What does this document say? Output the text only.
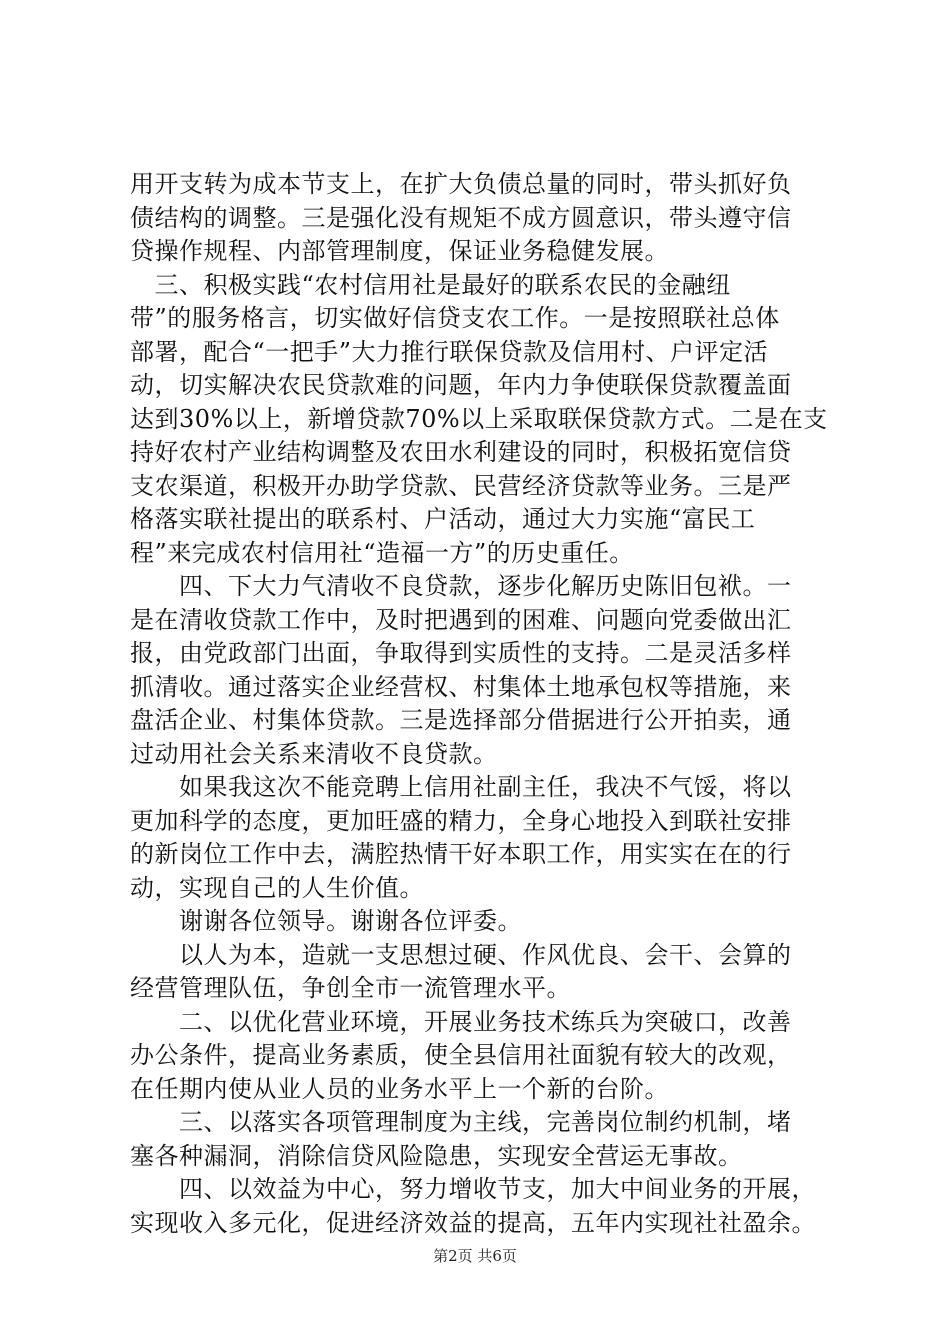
用开支转为成本节支上，在扩大负债总量的同时，带头抓好负
债结构的调整。三是强化没有规矩不成方圆意识，带头遵守信
贷操作规程、内部管理制度，保证业务稳健发展。
　三、积极实践“农村信用社是最好的联系农民的金融纽
带”的服务格言，切实做好信贷支农工作。一是按照联社总体
部署，配合“一把手”大力推行联保贷款及信用村、户评定活
动，切实解决农民贷款难的问题，年内力争使联保贷款覆盖面
达到30%以上，新增贷款70%以上采取联保贷款方式。二是在支
持好农村产业结构调整及农田水利建设的同时，积极拓宽信贷
支农渠道，积极开办助学贷款、民营经济贷款等业务。三是严
格落实联社提出的联系村、户活动，通过大力实施“富民工
程”来完成农村信用社“造福一方”的历史重任。
　　四、下大力气清收不良贷款，逐步化解历史陈旧包袱。一
是在清收贷款工作中，及时把遇到的困难、问题向党委做出汇
报，由党政部门出面，争取得到实质性的支持。二是灵活多样
抓清收。通过落实企业经营权、村集体土地承包权等措施，来
盘活企业、村集体贷款。三是选择部分借据进行公开拍卖，通
过动用社会关系来清收不良贷款。
　　如果我这次不能竞聘上信用社副主任，我决不气馁，将以
更加科学的态度，更加旺盛的精力，全身心地投入到联社安排
的新岗位工作中去，满腔热情干好本职工作，用实实在在的行
动，实现自己的人生价值。
　　谢谢各位领导。谢谢各位评委。
　　以人为本，造就一支思想过硬、作风优良、会干、会算的
经营管理队伍，争创全市一流管理水平。
　　二、以优化营业环境，开展业务技术练兵为突破口，改善
办公条件，提高业务素质，使全县信用社面貌有较大的改观，
在任期内使从业人员的业务水平上一个新的台阶。
　　三、以落实各项管理制度为主线，完善岗位制约机制，堵
塞各种漏洞，消除信贷风险隐患，实现安全营运无事故。
　　四、以效益为中心，努力增收节支，加大中间业务的开展，
实现收入多元化，促进经济效益的提高，五年内实现社社盈余。
第2页 共6页
